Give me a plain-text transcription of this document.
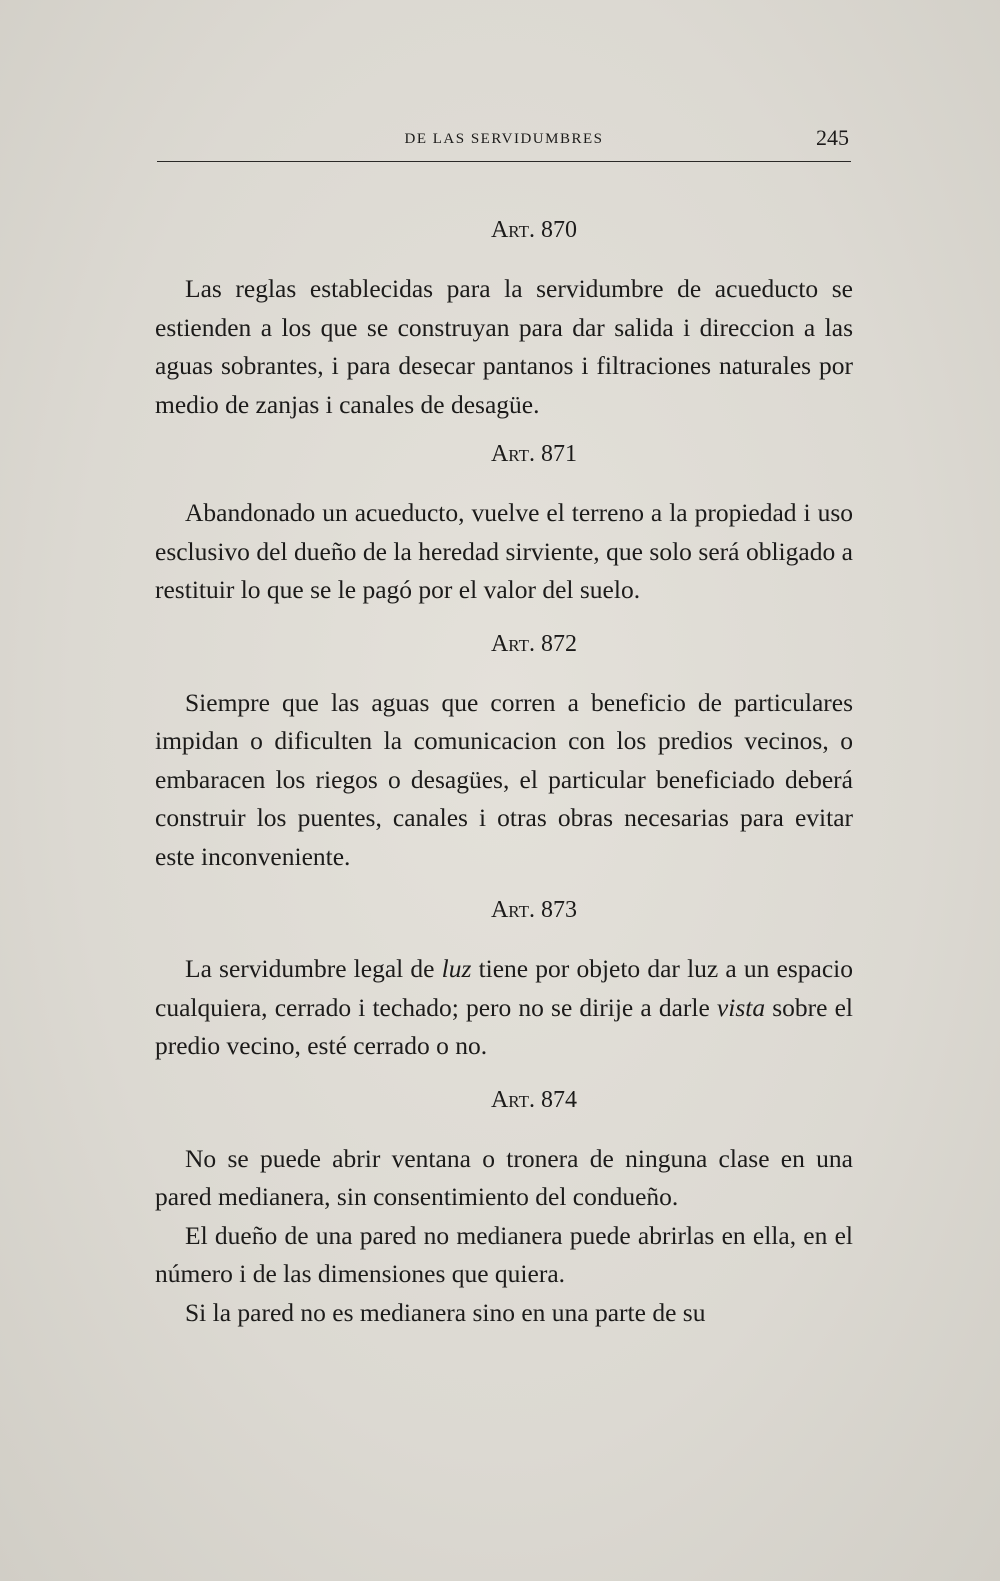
DE LAS SERVIDUMBRES	245
Art. 870

Las reglas establecidas para la servidumbre de acueducto se estienden a los que se construyan para dar salida i direccion a las aguas sobrantes, i para desecar pantanos i filtraciones naturales por medio de zanjas i canales de desagüe.

Art. 871

Abandonado un acueducto, vuelve el terreno a la propiedad i uso esclusivo del dueño de la heredad sirviente, que solo será obligado a restituir lo que se le pagó por el valor del suelo.

Art. 872

Siempre que las aguas que corren a beneficio de particulares impidan o dificulten la comunicacion con los predios vecinos, o embaracen los riegos o desagües, el particular beneficiado deberá construir los puentes, canales i otras obras necesarias para evitar este inconveniente.

Art. 873

La servidumbre legal de luz tiene por objeto dar luz a un espacio cualquiera, cerrado i techado; pero no se dirije a darle vista sobre el predio vecino, esté cerrado o no.

Art. 874

No se puede abrir ventana o tronera de ninguna clase en una pared medianera, sin consentimiento del condueño.

El dueño de una pared no medianera puede abrirlas en ella, en el número i de las dimensiones que quiera.

Si la pared no es medianera sino en una parte de su
